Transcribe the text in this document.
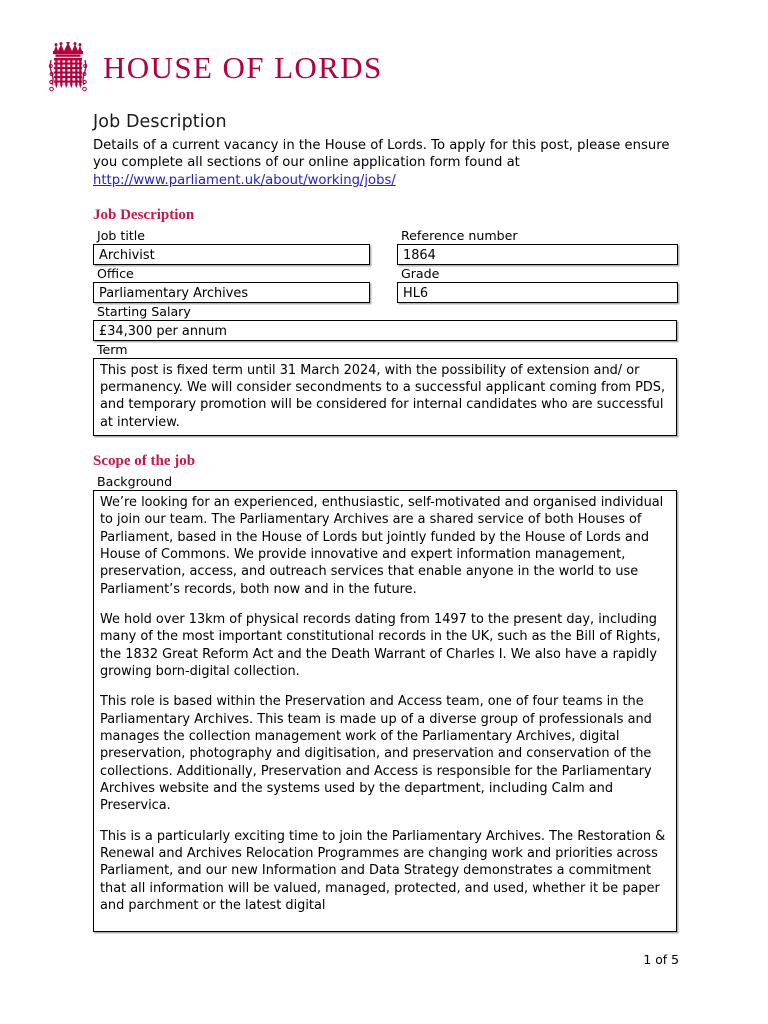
HOUSE OF LORDS
Job Description

Details of a current vacancy in the House of Lords. To apply for this post, please ensure you complete all sections of our online application form found at
http://www.parliament.uk/about/working/jobs/

Job Description
Job title
Archivist
Reference number
1864
Office
Parliamentary Archives
Grade
HL6
Starting Salary
£34,300 per annum
Term

This post is fixed term until 31 March 2024, with the possibility of extension and/ or permanency. We will consider secondments to a successful applicant coming from PDS, and temporary promotion will be considered for internal candidates who are successful at interview.

Scope of the job
Background

We’re looking for an experienced, enthusiastic, self-motivated and organised individual to join our team. The Parliamentary Archives are a shared service of both Houses of Parliament, based in the House of Lords but jointly funded by the House of Lords and House of Commons. We provide innovative and expert information management, preservation, access, and outreach services that enable anyone in the world to use Parliament’s records, both now and in the future.

We hold over 13km of physical records dating from 1497 to the present day, including many of the most important constitutional records in the UK, such as the Bill of Rights, the 1832 Great Reform Act and the Death Warrant of Charles I. We also have a rapidly growing born-digital collection.

This role is based within the Preservation and Access team, one of four teams in the Parliamentary Archives. This team is made up of a diverse group of professionals and manages the collection management work of the Parliamentary Archives, digital preservation, photography and digitisation, and preservation and conservation of the collections. Additionally, Preservation and Access is responsible for the Parliamentary Archives website and the systems used by the department, including Calm and Preservica.

This is a particularly exciting time to join the Parliamentary Archives. The Restoration & Renewal and Archives Relocation Programmes are changing work and priorities across Parliament, and our new Information and Data Strategy demonstrates a commitment that all information will be valued, managed, protected, and used, whether it be paper and parchment or the latest digital

1 of 5
